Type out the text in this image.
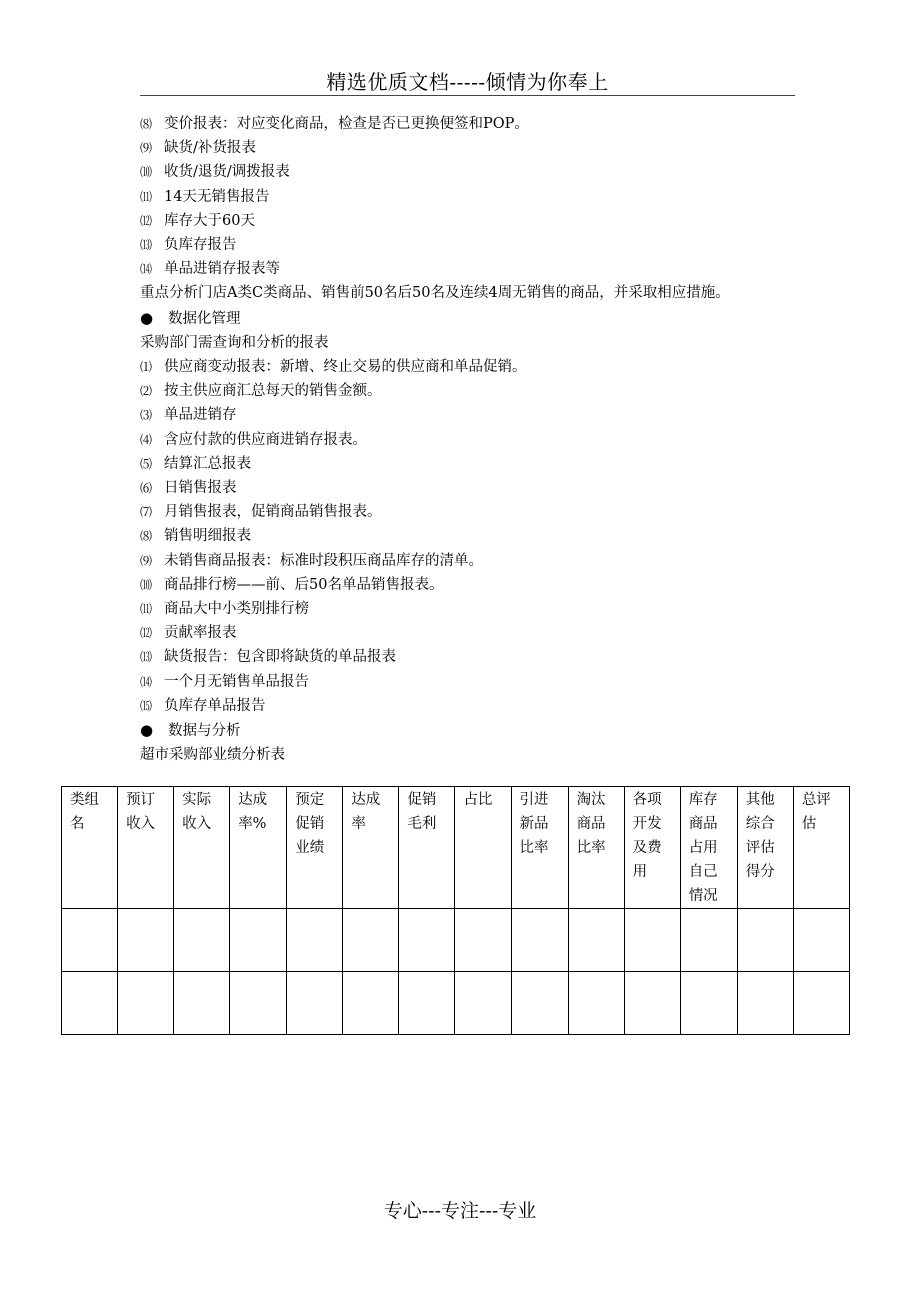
精选优质文档-----倾情为你奉上

⑻ 变价报表：对应变化商品，检查是否已更换便签和POP。

⑼ 缺货/补货报表

⑽ 收货/退货/调拨报表

⑾ 14天无销售报告

⑿ 库存大于60天

⒀ 负库存报告

⒁ 单品进销存报表等

重点分析门店A类C类商品、销售前50名后50名及连续4周无销售的商品，并采取相应措施。

● 数据化管理

采购部门需查询和分析的报表

⑴ 供应商变动报表：新增、终止交易的供应商和单品促销。

⑵ 按主供应商汇总每天的销售金额。

⑶ 单品进销存

⑷ 含应付款的供应商进销存报表。

⑸ 结算汇总报表

⑹ 日销售报表

⑺ 月销售报表，促销商品销售报表。

⑻ 销售明细报表

⑼ 未销售商品报表：标准时段积压商品库存的清单。

⑽ 商品排行榜——前、后50名单品销售报表。

⑾ 商品大中小类别排行榜

⑿ 贡献率报表

⒀ 缺货报告：包含即将缺货的单品报表

⒁ 一个月无销售单品报告

⒂ 负库存单品报告

● 数据与分析

超市采购部业绩分析表

类组名	预订收入	实际收入	达成率%	预定促销业绩	达成率	促销毛利	占比	引进新品比率	淘汰商品比率	各项开发及费用	库存商品占用自己情况	其他综合评估得分	总评估

专心---专注---专业
